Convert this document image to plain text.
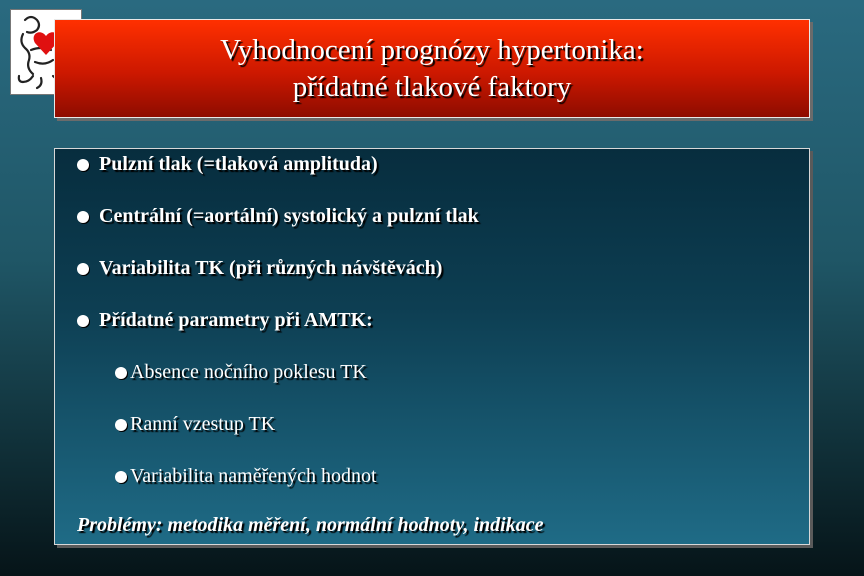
Vyhodnocení prognózy hypertonika:
přídatné tlakové faktory
Pulzní tlak (=tlaková amplituda)
Centrální (=aortální) systolický a pulzní tlak
Variabilita TK (při různých návštěvách)
Přídatné parametry při AMTK:
Absence nočního poklesu TK
Ranní vzestup TK
Variabilita naměřených hodnot
Problémy: metodika měření, normální hodnoty, indikace
